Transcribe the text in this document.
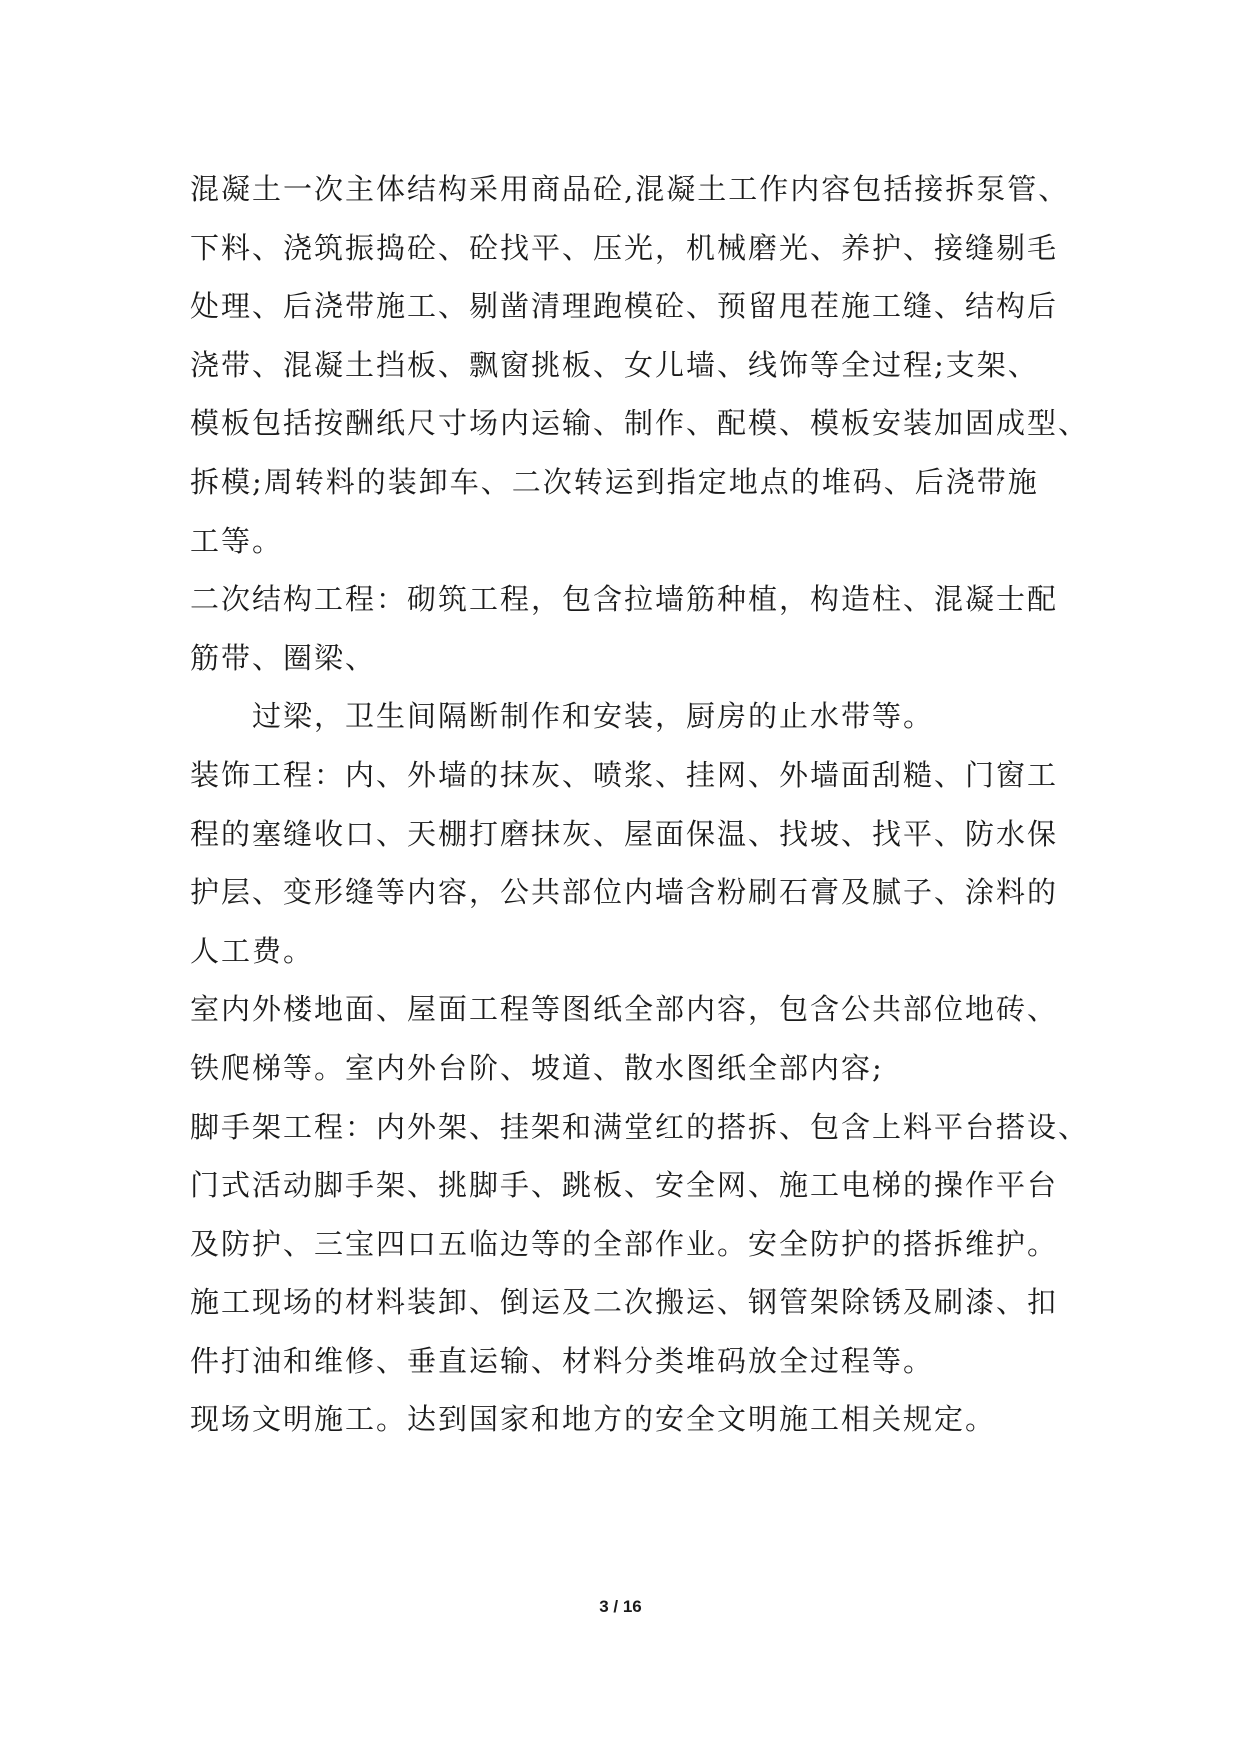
混凝土一次主体结构采用商品砼,混凝土工作内容包括接拆泵管、
下料、浇筑振捣砼、砼找平、压光，机械磨光、养护、接缝剔毛
处理、后浇带施工、剔凿清理跑模砼、预留甩茬施工缝、结构后
浇带、混凝土挡板、飘窗挑板、女儿墙、线饰等全过程;支架、
模板包括按酬纸尺寸场内运输、制作、配模、模板安装加固成型、
拆模;周转料的装卸车、二次转运到指定地点的堆码、后浇带施
工等。
二次结构工程：砌筑工程，包含拉墙筋种植，构造柱、混凝士配
筋带、圈梁、
过梁，卫生间隔断制作和安装，厨房的止水带等。
装饰工程：内、外墙的抹灰、喷浆、挂网、外墙面刮糙、门窗工
程的塞缝收口、天棚打磨抹灰、屋面保温、找坡、找平、防水保
护层、变形缝等内容，公共部位内墙含粉刷石膏及腻子、涂料的
人工费。
室内外楼地面、屋面工程等图纸全部内容，包含公共部位地砖、
铁爬梯等。室内外台阶、坡道、散水图纸全部内容;
脚手架工程：内外架、挂架和满堂红的搭拆、包含上料平台搭设、
门式活动脚手架、挑脚手、跳板、安全网、施工电梯的操作平台
及防护、三宝四口五临边等的全部作业。安全防护的搭拆维护。
施工现场的材料装卸、倒运及二次搬运、钢管架除锈及刷漆、扣
件打油和维修、垂直运输、材料分类堆码放全过程等。
现场文明施工。达到国家和地方的安全文明施工相关规定。
3 / 16
